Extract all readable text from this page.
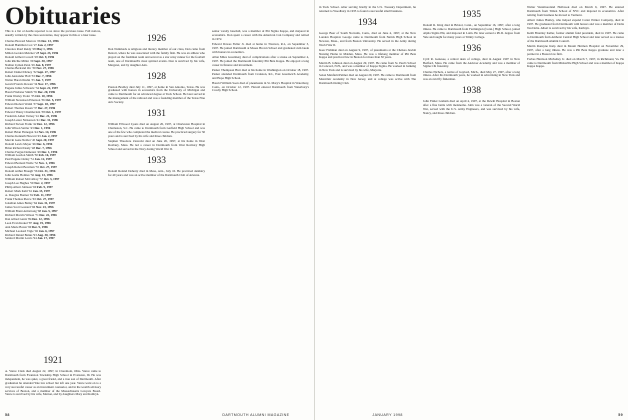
Obituaries

This is a list of deaths reported to us since the previous issue. Full notices, usually written by the class secretaries, may appear in this or a later issue.

Charles Howard Morrow '26 Dec. 13, 1996
Donald Hamilton Cox '27 Jan. 2, 1997
Clarence Pearl Reidy '28 May 1, 1996
Milton Gordon Melzner '28 Sept. 23, 1996
Donald Gilbert Cowell '28 Oct. 9, 1996
John Ritchie Miller '29 Sept. 30, 1997
Nathan Lyman Penn '29 Jan. 8, 1997
Charles Bertrand Orr '30 Nov. 27, 1996
Robert Daniel Dickey '32 Sept. 27, 1997
John Alexander Hall '33 Dec. 7, 1996
Walter Harold Kuhn '33 Jan. 7, 1997
Gerald Francis Rowan '34 Nov. 17, 1996
Eugene Julius Schwartz '34 Sept. 22, 1997
Harold Webster Smith '35 Dec. 20, 1996
Frank Wesley Yoder '35 Oct. 10, 1996
William Stevenson Emerson '36 Oct. 5, 1997
Edward Robert Walsh '37 Sept. 18, 1997
Robert Thomas Rosen '37 Dec. 27, 1996
Edward Thiery Chamberlain '38 Oct. 1, 1997
Frederick Alden Varney '41 Dec. 21, 1996
Joseph Lester Nickerson '41 Dec. 31, 1996
Richard Steven Frank '42 Dec. 12, 1996
John Wilson Sattler '43 Dec. 1, 1996
Robert Brian Finnegan '44 Nov. 14, 1996
Charles Kenneth Howard '45 Jan. 2, 1997
Marvin Gene Nettler '45 Sept. 20, 1997
Donald Lewis Meyer '46 Dec. 6, 1996
Brian Richard Dealy '48 Dec. 7, 1996
Charles Fergus Demerest '49 Dec. 1, 1996
William Gordon Smith '50 Feb. 16, 1997
Paul Eugene Oatley '51 Jan. 12, 1997
Edward Bernard Wolfe '52 Nov. 1, 1996
Joseph Robert Bowman '55 Oct. 27, 1997
Donald Arthur Brough '56 Oct. 31, 1996
John Leslie Holmes '56 Aug. 13, 1996
William Robert McCaffrey '57 Oct. 3, 1997
Joseph Lee Hughes '59 Nov. 2, 1997
Philip Albert Johnson '60 Feb. 9, 1997
Robert Mark Kahl '61 Jan. 13, 1997
A. Douglas Bonner '62 Feb. 11, 1997
Frank Thomas Pierce '63 Oct. 27, 1997
Jonathan Ames Bailey '64 Jan. 31, 1997
James Scott Leonard '66 Nov. 23, 1996
William Brent Armstrong '68 Jan. 5, 1997
Richard Marvin Wilson '71 Dec. 22, 1996
Dan Alfred Gantz '84 Dec. 12, 1996
Leon Evan Krekel '87 Aug. 19, 1996
Ann Marie Baron '90 Dec. 9, 1996
Michael Leonard Vigie '92 Jan. 6, 1997
Richard Daniel Banks '93 Aug. 30, 1996
Sanford Martin Lewis '94 Jan. 17, 1997
1921
A. Vance Clark died August 22, 1997, in Claremont, Ohio. Vance came to Dartmouth from Evanston Township High School in Evanston, Ill. He was independent, he was quiet, a great friend, and a true son of Dartmouth. After graduation he attended Yale law school but left one year. Vance went on to a very successful career as an investment counselor, and in the wealth advisory services of Boston, and a member of the Massachusetts Lawyers Board. Vance is survived by his wife, Marion, and by daughters Mary and Kathryn.
1926
Don Nammack A religious and literary member of our class, Don came from Detroit, where he was associated with the family firm. He was an athlete who played on the freshman team and served as a star relay runner for the football team, one of Dartmouth's most spirited events. Don is survived by his wife, Margaret, and by daughter Ann.
1928
Preston Bradley died July 11, 1997, at home in San Antonio, Texas. He was graduated with honors in economics from the University of Michigan and came to Dartmouth for an advanced degree at Tuck School. He later served in the management of the railroad and was a founding member of the Texas Fine Arts Society.
1931
William Ellwood Lyons died on August 26, 1997, at Charleston Hospital in Charleston, S.C. He came to Dartmouth from Garfield High School and was one of the few who completed the medical course. He practiced surgery for 30 years and is survived by his wife and three children.
Stephen Theodore Zarzecki died on June 26, 1997, at his home in West Roxbury, Mass. He led a career in Dartmouth from West Roxbury High School and served in the Navy during World War II.
1933
Donald Roland Doherty died in Mesa, Ariz., July 10. He practiced dentistry for 40 years and was an active member of the Dartmouth Club of Arizona.
senior varsity baseball, was a member of Phi Sigma Kappa, and majored in economics. Don spent a career with the American Can Company and retired in 1972.
Edward Dawes Fuller Jr. died at home in Tiverton, R.I., on September 3, 1997. He joined Dartmouth at Moses Brown School and graduated cum laude with honors in economics.
Allan Miles Greenberg died of complications after a stroke on September 4, 1997. He joined the Dartmouth fraternity Phi Beta Kappa. He enjoyed a long career in finance and investment.
Parker Thompson Hurt died at his home in Washington on October 18, 1997. Parker attended Dartmouth from Cranston, R.I., East Greenwich Academy, and Hope High School.
Harold William Soon died of pneumonia in St. Mary's Hospital in Waterbury, Conn., on October 12, 1997. Harold entered Dartmouth from Waterbury's Crosby High School.
58	DARTMOUTH ALUMNI MAGAZINE
in Tuck School. After serving briefly in the U.S. Treasury Department, he returned to Woodbury in 1935 to found a successful small business.
1934
George Baer of South Norwalk, Conn., died on June 4, 1997, at the New London Hospital. George came to Dartmouth from Natick High School in Newton, Mass., and from Boston University. He served in the Army during World War II.
Isaac Fishman died on August 9, 1997, of pneumonia at the Chelsea Jewish Nursing Home in Malden, Mass. He was a lifelong member of Phi Beta Kappa and practiced law in Boston for more than 50 years.
Martin B. Johnson died on August 29, 1997. He came from St. Paul's School in Concord, N.H., and was a member of Kappa Sigma. He worked in banking in New York and is survived by his wife, Marjorie.
Solon Manfield Palmer died on August 29, 1997. He came to Dartmouth from Montclair Academy in New Jersey, and at college was active with The Dartmouth Outing Club.
1935
Donald R. King died in Bristol, Conn., on September 16, 1997, after a long illness. He came to Dartmouth from Farmington (Conn.) High School, joined Alpha Sigma Phi, and majored in Latin. He later earned a Ph.D. degree from Yale and taught for many years at Trinity College.
1936
Cyril R. Genesee, a retired dean of college, died in August 1997 in New Bedford, Mass. He came from the Andover Academy and was a member of Sigma Chi fraternity.
Charles Nichols, a native of Gaylord, Mich., died May 27, 1997, after a long illness. After his Dartmouth years, he worked in advertising in New York and was an avid fly fisherman.
1938
John Fisher Graham died on April 4, 1997, at the Dewitt Hospital in Boston after a fine battle with melanoma. John was a veteran of the Second World War, served with the U.S. Army Engineers, and was survived by his wife, Nancy, and three children.
Walter Westmoreland Holbrook died on March 6, 1997. He entered Dartmouth from Tilden School of NYC and majored in economics. After retiring from business he moved to Vermont.
Albert James Hanley, who helped expand Carter Printer Company, died in 1997. He graduated from Dartmouth with honors and was a member of Delta Tau Delta. Albert is survived by his wife, Kathryn.
Keith Brantley Keller, former alumni fund president, died in 1997. He came to Dartmouth from Amherst Central High School and later served as a trustee of the Dartmouth Alumni Council.
Martin Ronayne Kulp died in Mount Hermon Hospital on November 29, 1997, after a long illness. He was a Phi Beta Kappa graduate and later a partner in a Boston law firm.
Forbes Harrison Mulvehey Jr. died on March 7, 1997, in Richmond, Va. He came to Dartmouth from Mirksville High School and was a member of Kappa Kappa Kappa.
JANUARY 1998	59
